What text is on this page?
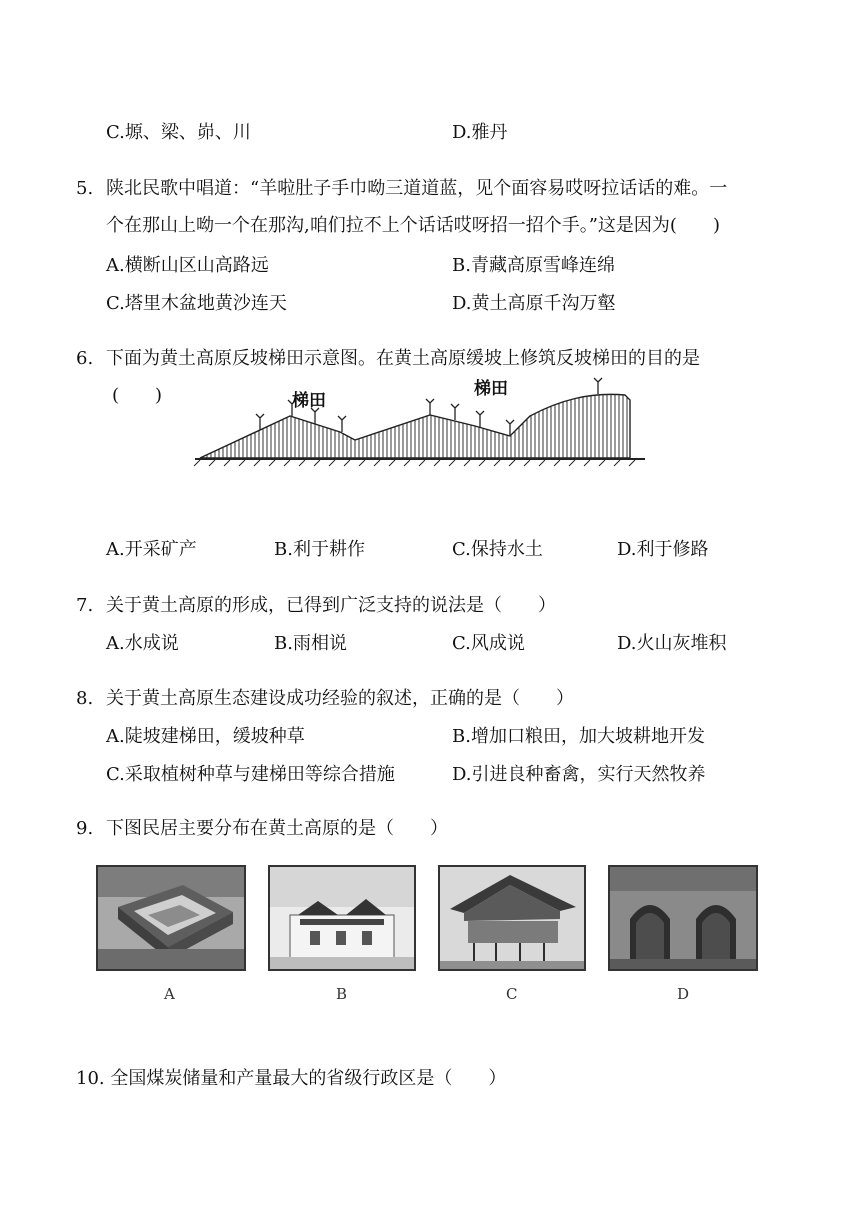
C.塬、梁、峁、川	D.雅丹
5. 陕北民歌中唱道：“羊啦肚子手巾呦三道道蓝，见个面容易哎呀拉话话的难。一
个在那山上呦一个在那沟,咱们拉不上个话话哎呀招一招个手。”这是因为(　　)
A.横断山区山高路远	B.青藏高原雪峰连绵
C.塔里木盆地黄沙连天	D.黄土高原千沟万壑
6. 下面为黄土高原反坡梯田示意图。在黄土高原缓坡上修筑反坡梯田的目的是
(　　)	梯田
梯田
A.开采矿产	B.利于耕作	C.保持水土	D.利于修路
7. 关于黄土高原的形成，已得到广泛支持的说法是（　　）
A.水成说	B.雨相说	C.风成说	D.火山灰堆积
8. 关于黄土高原生态建设成功经验的叙述，正确的是（　　）
A.陡坡建梯田，缓坡种草	B.增加口粮田，加大坡耕地开发
C.采取植树种草与建梯田等综合措施	D.引进良种畜禽，实行天然牧养
9. 下图民居主要分布在黄土高原的是（　　）
A	B	C	D
10. 全国煤炭储量和产量最大的省级行政区是（　　）
